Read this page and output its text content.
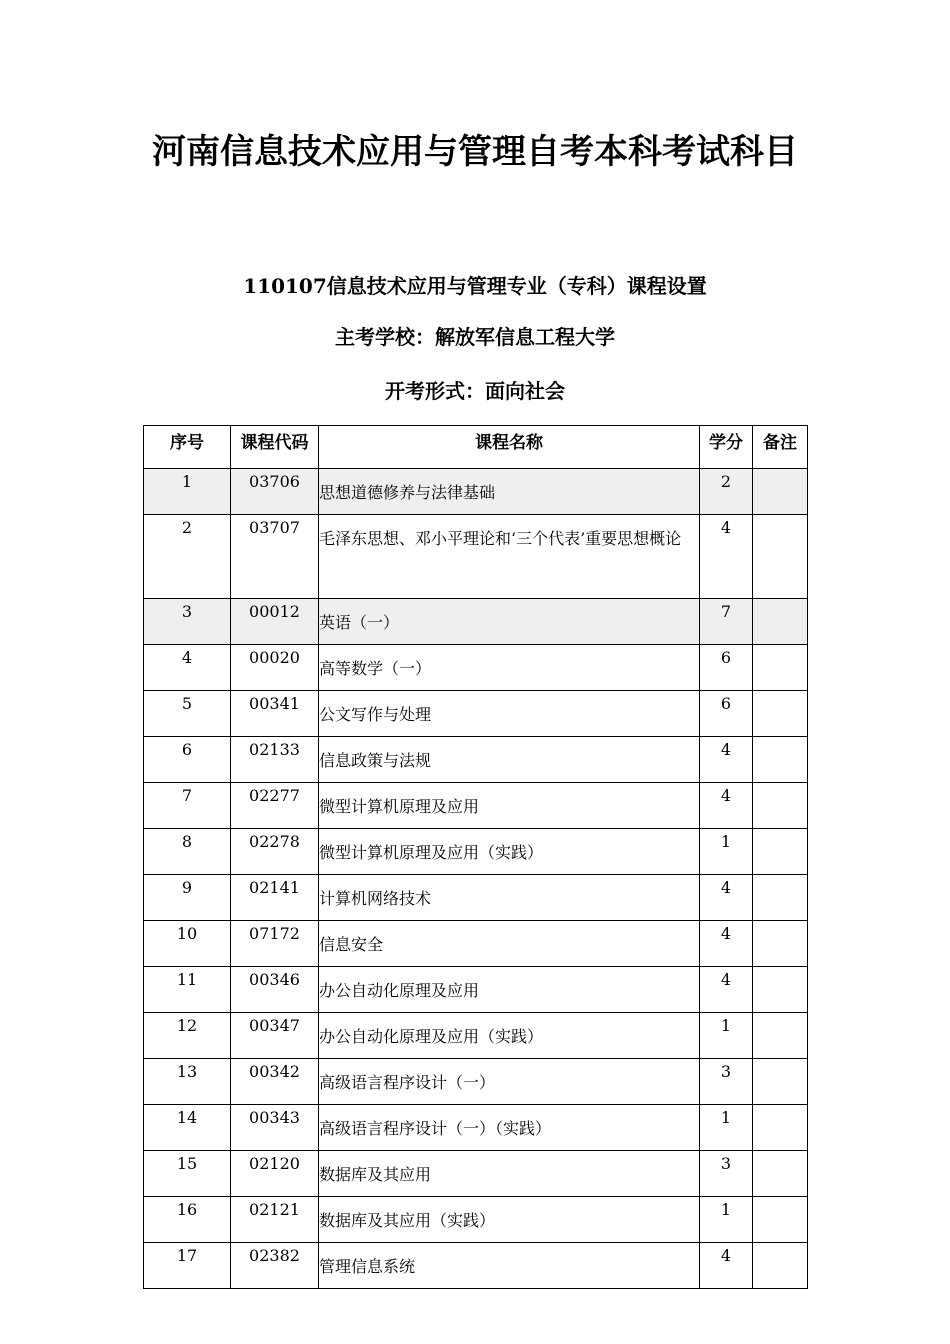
河南信息技术应用与管理自考本科考试科目
110107信息技术应用与管理专业（专科）课程设置
主考学校：解放军信息工程大学
开考形式：面向社会
序号	课程代码	课程名称	学分	备注
1	03706	思想道德修养与法律基础	2	
2	03707	毛泽东思想、邓小平理论和‘三个代表’重要思想概论	4	
3	00012	英语（一）	7	
4	00020	高等数学（一）	6	
5	00341	公文写作与处理	6	
6	02133	信息政策与法规	4	
7	02277	微型计算机原理及应用	4	
8	02278	微型计算机原理及应用（实践）	1	
9	02141	计算机网络技术	4	
10	07172	信息安全	4	
11	00346	办公自动化原理及应用	4	
12	00347	办公自动化原理及应用（实践）	1	
13	00342	高级语言程序设计（一）	3	
14	00343	高级语言程序设计（一）（实践）	1	
15	02120	数据库及其应用	3	
16	02121	数据库及其应用（实践）	1	
17	02382	管理信息系统	4	
